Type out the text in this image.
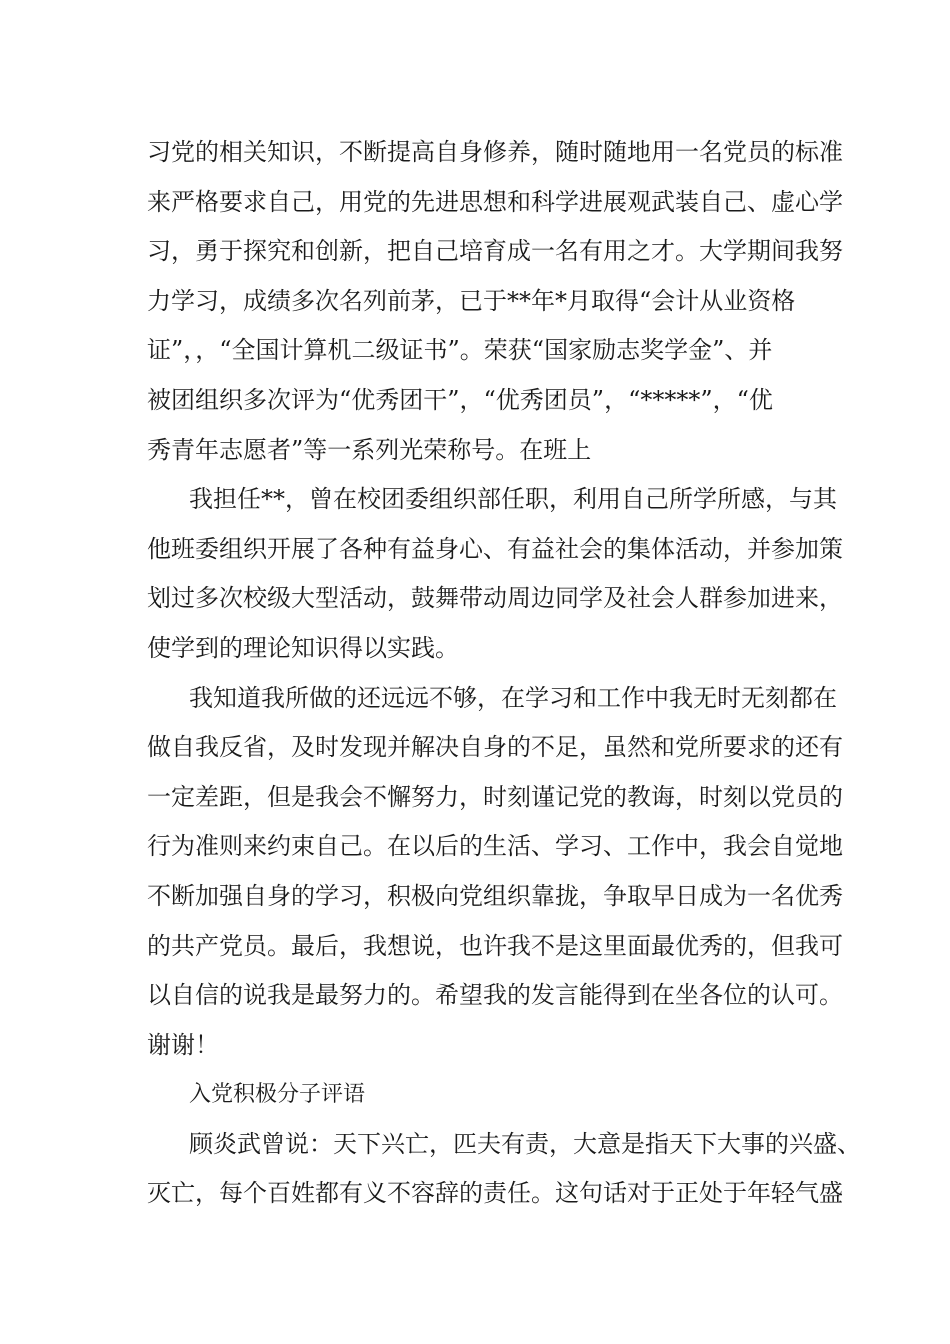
习党的相关知识，不断提高自身修养，随时随地用一名党员的标准
来严格要求自己，用党的先进思想和科学进展观武装自己、虚心学
习，勇于探究和创新，把自己培育成一名有用之才。大学期间我努
力学习，成绩多次名列前茅，已于**年*月取得“会计从业资格
证”，，“全国计算机二级证书”。荣获“国家励志奖学金”、并
被团组织多次评为“优秀团干”，“优秀团员”，“*****”，“优
秀青年志愿者”等一系列光荣称号。在班上
我担任**，曾在校团委组织部任职，利用自己所学所感，与其
他班委组织开展了各种有益身心、有益社会的集体活动，并参加策
划过多次校级大型活动，鼓舞带动周边同学及社会人群参加进来，
使学到的理论知识得以实践。
我知道我所做的还远远不够，在学习和工作中我无时无刻都在
做自我反省，及时发现并解决自身的不足，虽然和党所要求的还有
一定差距，但是我会不懈努力，时刻谨记党的教诲，时刻以党员的
行为准则来约束自己。在以后的生活、学习、工作中，我会自觉地
不断加强自身的学习，积极向党组织靠拢，争取早日成为一名优秀
的共产党员。最后，我想说，也许我不是这里面最优秀的，但我可
以自信的说我是最努力的。希望我的发言能得到在坐各位的认可。
谢谢！
入党积极分子评语
顾炎武曾说：天下兴亡，匹夫有责，大意是指天下大事的兴盛、
灭亡，每个百姓都有义不容辞的责任。这句话对于正处于年轻气盛
